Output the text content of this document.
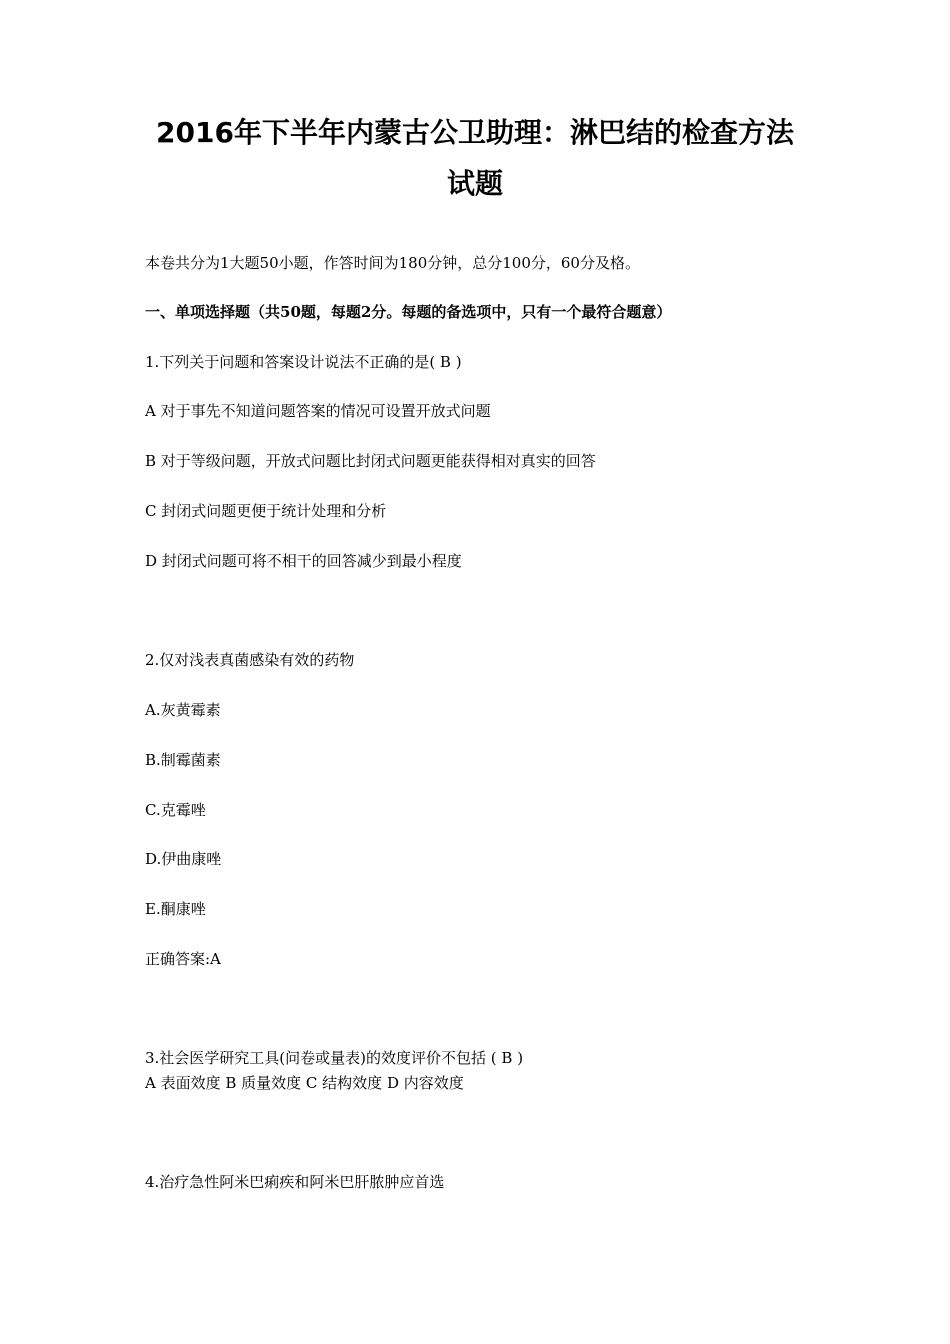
2016年下半年内蒙古公卫助理：淋巴结的检查方法
试题
本卷共分为1大题50小题，作答时间为180分钟，总分100分，60分及格。
一、单项选择题（共50题，每题2分。每题的备选项中，只有一个最符合题意）
1.下列关于问题和答案设计说法不正确的是( B )
A 对于事先不知道问题答案的情况可设置开放式问题
B 对于等级问题，开放式问题比封闭式问题更能获得相对真实的回答
C 封闭式问题更便于统计处理和分析
D 封闭式问题可将不相干的回答减少到最小程度
2.仅对浅表真菌感染有效的药物
A.灰黄霉素
B.制霉菌素
C.克霉唑
D.伊曲康唑
E.酮康唑
正确答案:A
3.社会医学研究工具(问卷或量表)的效度评价不包括 ( B )
A 表面效度 B 质量效度 C 结构效度 D 内容效度
4.治疗急性阿米巴痢疾和阿米巴肝脓肿应首选
